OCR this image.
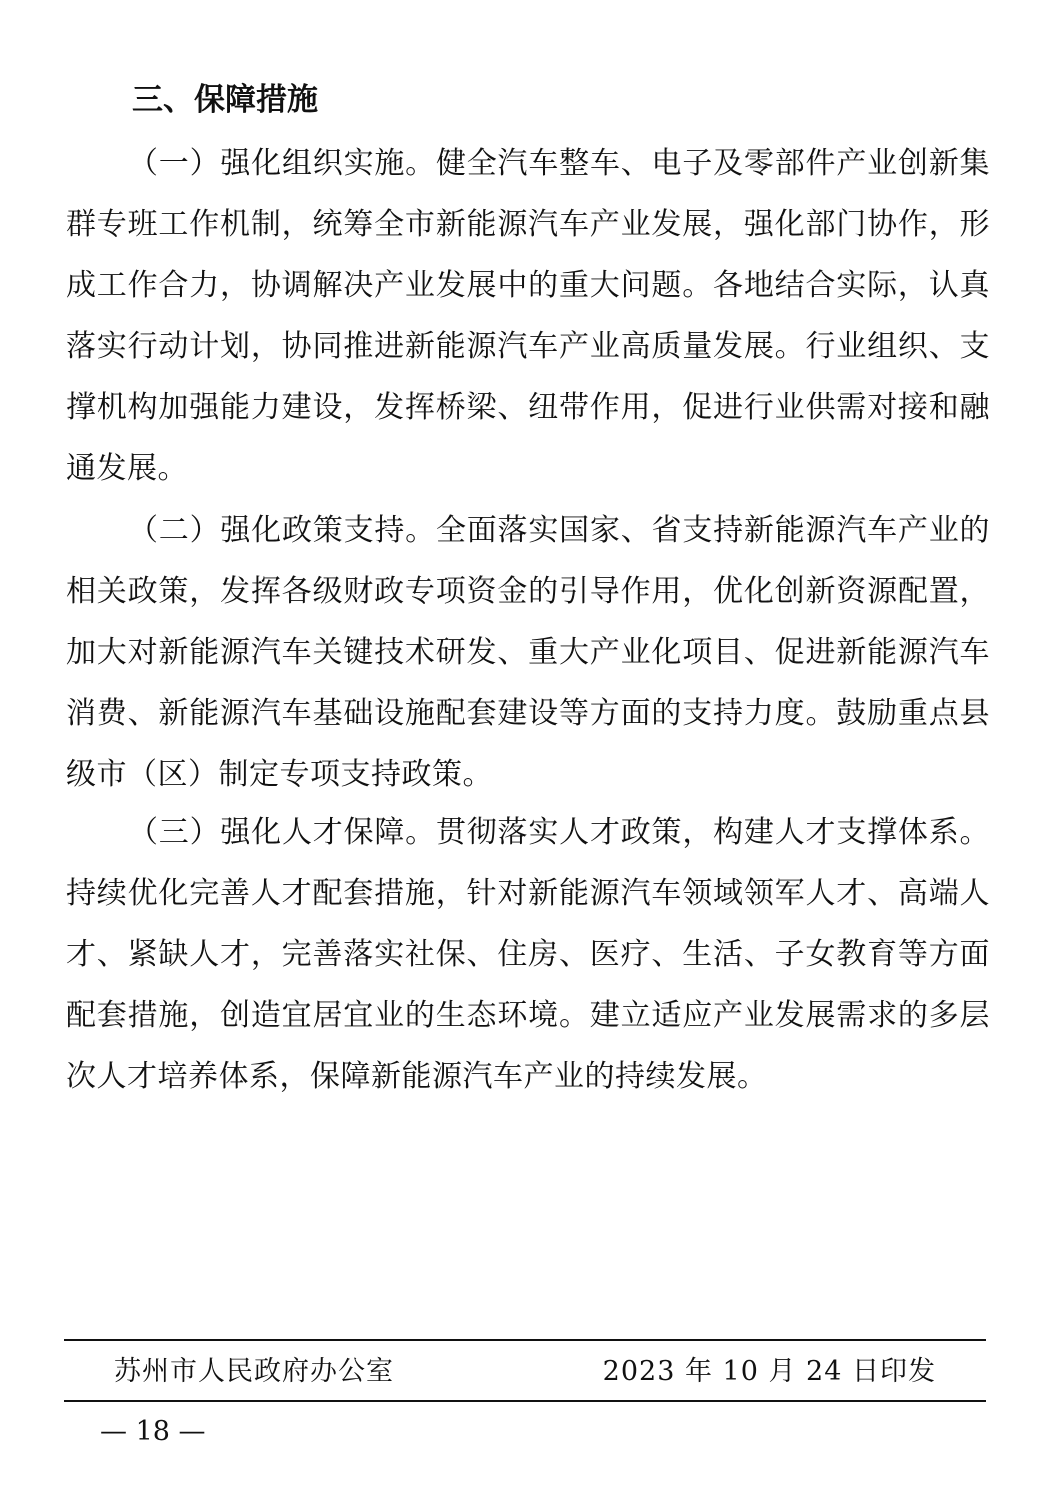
三、保障措施

（一）强化组织实施。健全汽车整车、电子及零部件产业创新集群专班工作机制，统筹全市新能源汽车产业发展，强化部门协作，形成工作合力，协调解决产业发展中的重大问题。各地结合实际，认真落实行动计划，协同推进新能源汽车产业高质量发展。行业组织、支撑机构加强能力建设，发挥桥梁、纽带作用，促进行业供需对接和融通发展。

（二）强化政策支持。全面落实国家、省支持新能源汽车产业的相关政策，发挥各级财政专项资金的引导作用，优化创新资源配置，加大对新能源汽车关键技术研发、重大产业化项目、促进新能源汽车消费、新能源汽车基础设施配套建设等方面的支持力度。鼓励重点县级市（区）制定专项支持政策。

（三）强化人才保障。贯彻落实人才政策，构建人才支撑体系。持续优化完善人才配套措施，针对新能源汽车领域领军人才、高端人才、紧缺人才，完善落实社保、住房、医疗、生活、子女教育等方面配套措施，创造宜居宜业的生态环境。建立适应产业发展需求的多层次人才培养体系，保障新能源汽车产业的持续发展。

苏州市人民政府办公室	2023 年 10 月 24 日印发
— 18 —
